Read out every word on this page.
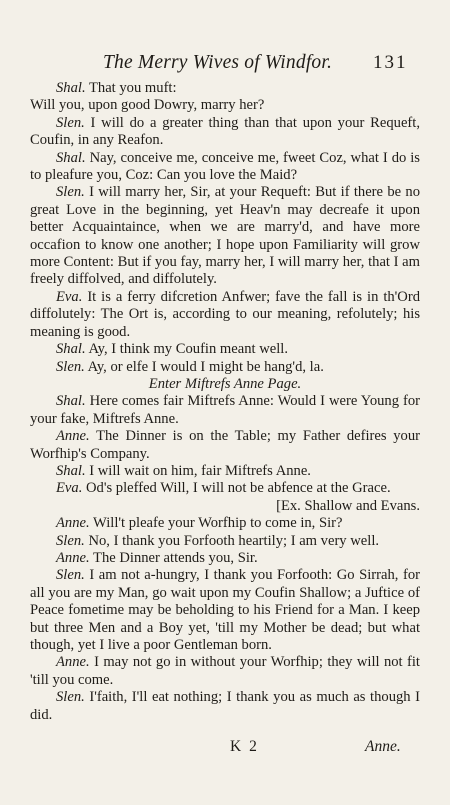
The Merry Wives of Windfor. 131

Shal. That you muft:

Will you, upon good Dowry, marry her?

Slen. I will do a greater thing than that upon your Requeft, Coufin, in any Reafon.

Shal. Nay, conceive me, conceive me, fweet Coz, what I do is to pleafure you, Coz: Can you love the Maid?

Slen. I will marry her, Sir, at your Requeft: But if there be no great Love in the beginning, yet Heav'n may decreafe it upon better Acquaintaince, when we are marry'd, and have more occafion to know one another; I hope upon Familiarity will grow more Content: But if you fay, marry her, I will marry her, that I am freely diffolved, and diffolutely.

Eva. It is a ferry difcretion Anfwer; fave the fall is in th'Ord diffolutely: The Ort is, according to our meaning, refolutely; his meaning is good.

Shal. Ay, I think my Coufin meant well.

Slen. Ay, or elfe I would I might be hang'd, la.

Enter Miftrefs Anne Page.

Shal. Here comes fair Miftrefs Anne: Would I were Young for your fake, Miftrefs Anne.

Anne. The Dinner is on the Table; my Father defires your Worfhip's Company.

Shal. I will wait on him, fair Miftrefs Anne.

Eva. Od's pleffed Will, I will not be abfence at the Grace.

[Ex. Shallow and Evans.

Anne. Will't pleafe your Worfhip to come in, Sir?

Slen. No, I thank you Forfooth heartily; I am very well.

Anne. The Dinner attends you, Sir.

Slen. I am not a-hungry, I thank you Forfooth: Go Sirrah, for all you are my Man, go wait upon my Coufin Shallow; a Juftice of Peace fometime may be beholding to his Friend for a Man. I keep but three Men and a Boy yet, 'till my Mother be dead; but what though, yet I live a poor Gentleman born.

Anne. I may not go in without your Worfhip; they will not fit 'till you come.

Slen. I'faith, I'll eat nothing; I thank you as much as though I did.

K 2	Anne.
